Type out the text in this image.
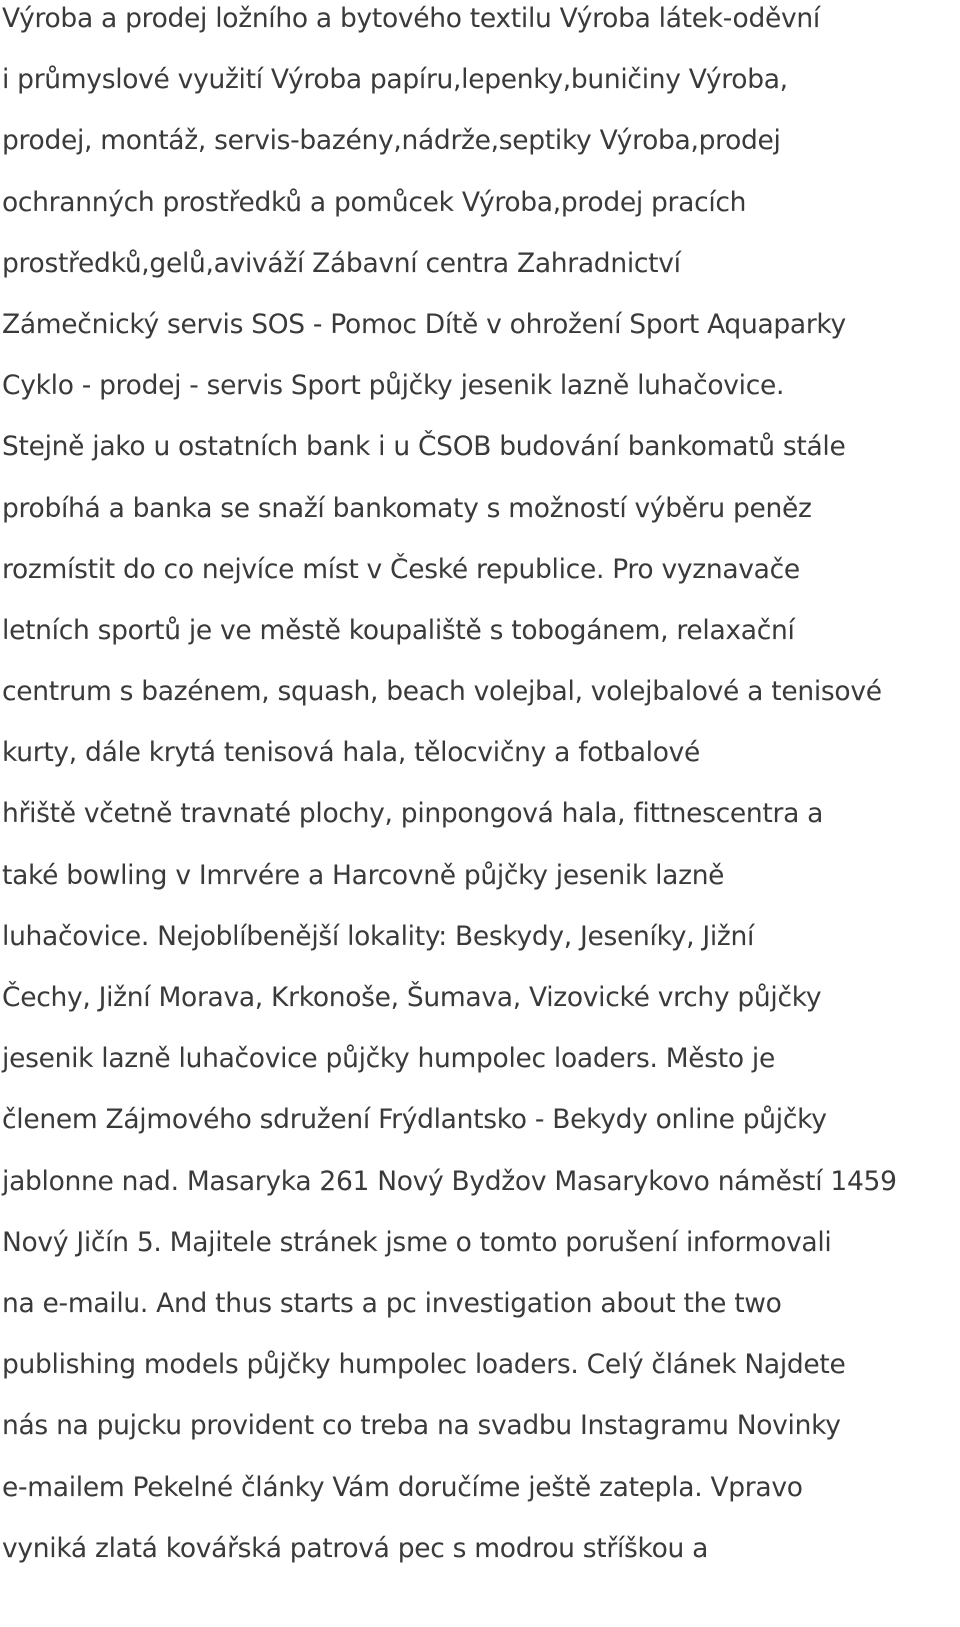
Výroba a prodej ložního a bytového textilu Výroba látek-oděvní

i průmyslové využití Výroba papíru,lepenky,buničiny Výroba,

prodej, montáž, servis-bazény,nádrže,septiky Výroba,prodej

ochranných prostředků a pomůcek Výroba,prodej pracích

prostředků,gelů,aviváží Zábavní centra Zahradnictví

Zámečnický servis SOS - Pomoc Dítě v ohrožení Sport Aquaparky

Cyklo - prodej - servis Sport půjčky jesenik lazně luhačovice.

Stejně jako u ostatních bank i u ČSOB budování bankomatů stále

probíhá a banka se snaží bankomaty s možností výběru peněz

rozmístit do co nejvíce míst v České republice. Pro vyznavače

letních sportů je ve městě koupaliště s tobogánem, relaxační

centrum s bazénem, squash, beach volejbal, volejbalové a tenisové

kurty, dále krytá tenisová hala, tělocvičny a fotbalové

hřiště včetně travnaté plochy, pinpongová hala, fittnescentra a

také bowling v Imrvére a Harcovně půjčky jesenik lazně

luhačovice. Nejoblíbenější lokality: Beskydy, Jeseníky, Jižní

Čechy, Jižní Morava, Krkonoše, Šumava, Vizovické vrchy půjčky

jesenik lazně luhačovice půjčky humpolec loaders. Město je

členem Zájmového sdružení Frýdlantsko - Bekydy online půjčky

jablonne nad. Masaryka 261 Nový Bydžov Masarykovo náměstí 1459

Nový Jičín 5. Majitele stránek jsme o tomto porušení informovali

na e-mailu. And thus starts a pc investigation about the two

publishing models půjčky humpolec loaders. Celý článek Najdete

nás na pujcku provident co treba na svadbu Instagramu Novinky

e-mailem Pekelné články Vám doručíme ještě zatepla. Vpravo

vyniká zlatá kovářská patrová pec s modrou stříškou a
